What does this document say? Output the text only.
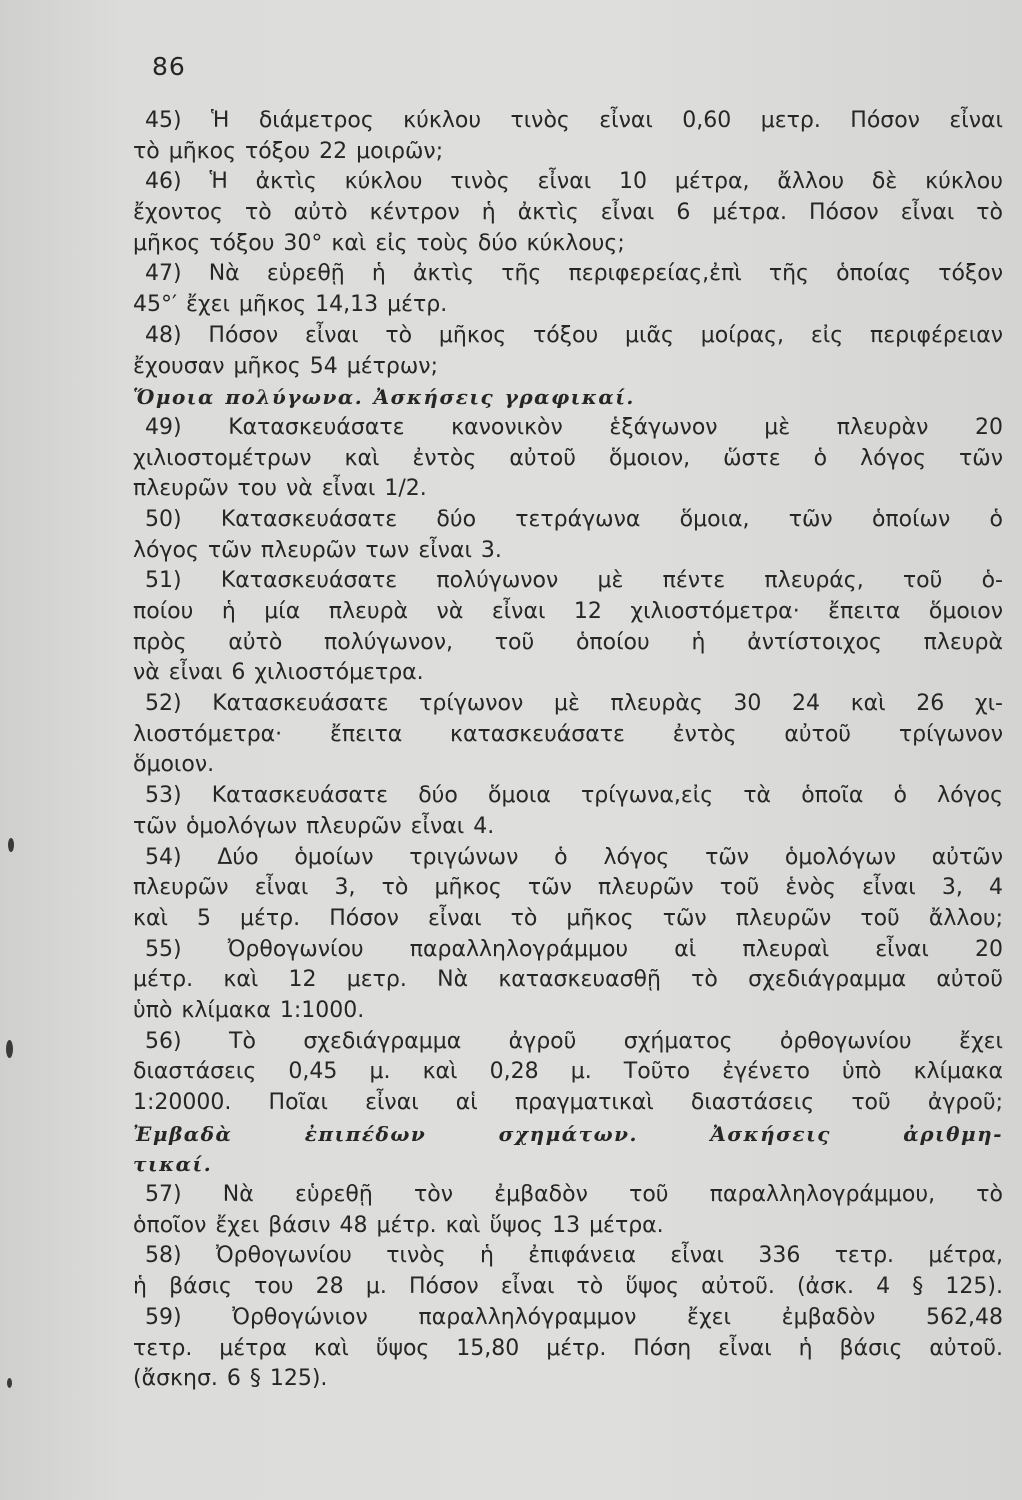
86
45) Ἡ διάμετρος κύκλου τινὸς εἶναι 0,60 μετρ. Πόσον εἶναι
τὸ μῆκος τόξου 22 μοιρῶν;
46) Ἡ ἀκτὶς κύκλου τινὸς εἶναι 10 μέτρα, ἄλλου δὲ κύκλου
ἔχοντος τὸ αὐτὸ κέντρον ἡ ἀκτὶς εἶναι 6 μέτρα. Πόσον εἶναι τὸ
μῆκος τόξου 30° καὶ εἰς τοὺς δύο κύκλους;
47) Νὰ εὑρεθῇ ἡ ἀκτὶς τῆς περιφερείας,ἐπὶ τῆς ὁποίας τόξον
45°′ ἔχει μῆκος 14,13 μέτρ.
48) Πόσον εἶναι τὸ μῆκος τόξου μιᾶς μοίρας, εἰς περιφέρειαν
ἔχουσαν μῆκος 54 μέτρων;
Ὅμοια πολύγωνα. Ἀσκήσεις γραφικαί.
49) Κατασκευάσατε κανονικὸν ἑξάγωνον μὲ πλευρὰν 20
χιλιοστομέτρων καὶ ἐντὸς αὐτοῦ ὅμοιον, ὥστε ὁ λόγος τῶν
πλευρῶν του νὰ εἶναι 1/2.
50) Κατασκευάσατε δύο τετράγωνα ὅμοια, τῶν ὁποίων ὁ
λόγος τῶν πλευρῶν των εἶναι 3.
51) Κατασκευάσατε πολύγωνον μὲ πέντε πλευράς, τοῦ ὁ-
ποίου ἡ μία πλευρὰ νὰ εἶναι 12 χιλιοστόμετρα· ἔπειτα ὅμοιον
πρὸς αὐτὸ πολύγωνον, τοῦ ὁποίου ἡ ἀντίστοιχος πλευρὰ
νὰ εἶναι 6 χιλιοστόμετρα.
52) Κατασκευάσατε τρίγωνον μὲ πλευρὰς 30 24 καὶ 26 χι-
λιοστόμετρα· ἔπειτα κατασκευάσατε ἐντὸς αὐτοῦ τρίγωνον
ὅμοιον.
53) Κατασκευάσατε δύο ὅμοια τρίγωνα,εἰς τὰ ὁποῖα ὁ λόγος
τῶν ὁμολόγων πλευρῶν εἶναι 4.
54) Δύο ὁμοίων τριγώνων ὁ λόγος τῶν ὁμολόγων αὐτῶν
πλευρῶν εἶναι 3, τὸ μῆκος τῶν πλευρῶν τοῦ ἑνὸς εἶναι 3, 4
καὶ 5 μέτρ. Πόσον εἶναι τὸ μῆκος τῶν πλευρῶν τοῦ ἄλλου;
55) Ὀρθογωνίου παραλληλογράμμου αἱ πλευραὶ εἶναι 20
μέτρ. καὶ 12 μετρ. Νὰ κατασκευασθῇ τὸ σχεδιάγραμμα αὐτοῦ
ὑπὸ κλίμακα 1:1000.
56) Τὸ σχεδιάγραμμα ἀγροῦ σχήματος ὀρθογωνίου ἔχει
διαστάσεις 0,45 μ. καὶ 0,28 μ. Τοῦτο ἐγένετο ὑπὸ κλίμακα
1:20000. Ποῖαι εἶναι αἱ πραγματικαὶ διαστάσεις τοῦ ἀγροῦ;
Ἐμβαδὰ ἐπιπέδων σχημάτων. Ἀσκήσεις ἀριθμη-
τικαί.
57) Νὰ εὑρεθῇ τὸν ἐμβαδὸν τοῦ παραλληλογράμμου, τὸ
ὁποῖον ἔχει βάσιν 48 μέτρ. καὶ ὕψος 13 μέτρα.
58) Ὀρθογωνίου τινὸς ἡ ἐπιφάνεια εἶναι 336 τετρ. μέτρα,
ἡ βάσις του 28 μ. Πόσον εἶναι τὸ ὕψος αὐτοῦ. (ἀσκ. 4 § 125).
59) Ὀρθογώνιον παραλληλόγραμμον ἔχει ἐμβαδὸν 562,48
τετρ. μέτρα καὶ ὕψος 15,80 μέτρ. Πόση εἶναι ἡ βάσις αὐτοῦ.
(ἄσκησ. 6 § 125).
